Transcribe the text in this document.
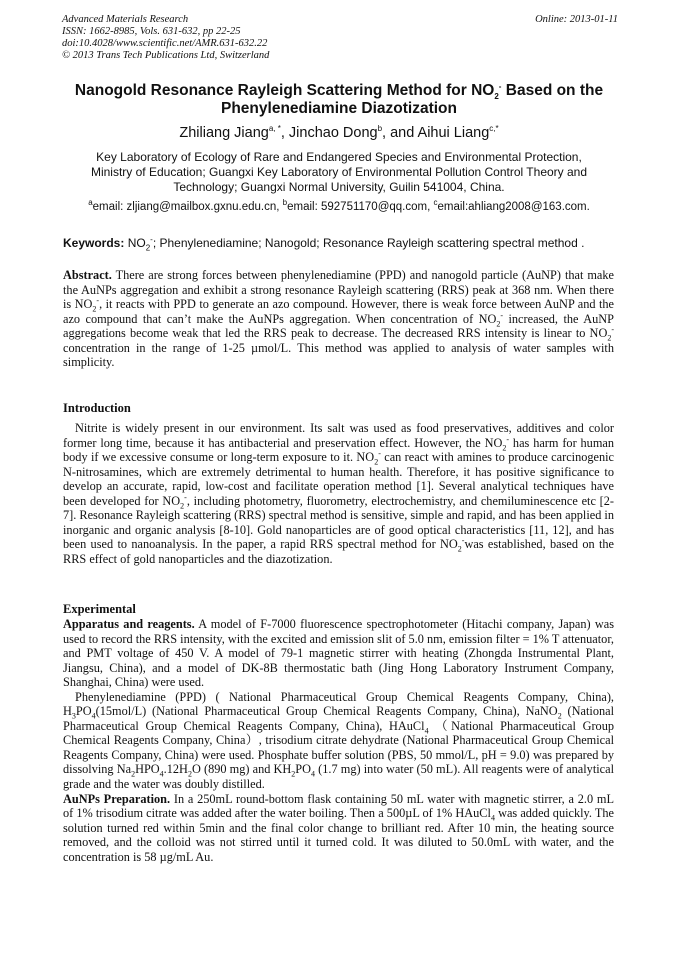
Advanced Materials Research
ISSN: 1662-8985, Vols. 631-632, pp 22-25
doi:10.4028/www.scientific.net/AMR.631-632.22
© 2013 Trans Tech Publications Ltd, Switzerland
Online: 2013-01-11
Nanogold Resonance Rayleigh Scattering Method for $NO_2^-$ Based on the
Phenylenediamine Diazotization
Zhiliang Jiang$^{a, *}$, Jinchao Dong$^b$, and Aihui Liang$^{c,*}$
Key Laboratory of Ecology of Rare and Endangered Species and Environmental Protection,
Ministry of Education; Guangxi Key Laboratory of Environmental Pollution Control Theory and
Technology; Guangxi Normal University, Guilin 541004, China.
$^a$email: zljiang@mailbox.gxnu.edu.cn, $^b$email: 592751170@qq.com, $^c$email:ahliang2008@163.com.
Keywords: $NO_2^-$; Phenylenediamine; Nanogold; Resonance Rayleigh scattering spectral method .

Abstract. There are strong forces between phenylenediamine (PPD) and nanogold particle (AuNP) that make the AuNPs aggregation and exhibit a strong resonance Rayleigh scattering (RRS) peak at 368 nm. When there is $NO_2^-$, it reacts with PPD to generate an azo compound. However, there is weak force between AuNP and the azo compound that can’t make the AuNPs aggregation. When concentration of $NO_2^-$ increased, the AuNP aggregations become weak that led the RRS peak to decrease. The decreased RRS intensity is linear to $NO_2^-concentration$ in the range of 1-25 µmol/L. This method was applied to analysis of water samples with simplicity.

Introduction

Nitrite is widely present in our environment. Its salt was used as food preservatives, additives and color former long time, because it has antibacterial and preservation effect. However, the $NO_2^-$ has harm for human body if we excessive consume or long-term exposure to it. $NO_2^-$ can react with amines to produce carcinogenic N-nitrosamines, which are extremely detrimental to human health. Therefore, it has positive significance to develop an accurate, rapid, low-cost and facilitate operation method [1]. Several analytical techniques have been developed for $NO_2^-$, including photometry, fluorometry, electrochemistry, and chemiluminescence etc [2-7]. Resonance Rayleigh scattering (RRS) spectral method is sensitive, simple and rapid, and has been applied in inorganic and organic analysis [8-10]. Gold nanoparticles are of good optical characteristics [11, 12], and has been used to nanoanalysis. In the paper, a rapid RRS spectral method for $NO_2^-was$ established, based on the RRS effect of gold nanoparticles and the diazotization.

Experimental

Apparatus and reagents. A model of F-7000 fluorescence spectrophotometer (Hitachi company, Japan) was used to record the RRS intensity, with the excited and emission slit of 5.0 nm, emission filter = 1% T attenuator, and PMT voltage of 450 V. A model of 79-1 magnetic stirrer with heating (Zhongda Instrumental Plant, Jiangsu, China), and a model of DK-8B thermostatic bath (Jing Hong Laboratory Instrument Company, Shanghai, China) were used.

Phenylenediamine (PPD) ( National Pharmaceutical Group Chemical Reagents Company, China), $H_3PO_4(15mol/L)$ (National Pharmaceutical Group Chemical Reagents Company, China), NaNO$_2$ (National Pharmaceutical Group Chemical Reagents Company, China), HAuCl$_4$ （National Pharmaceutical Group Chemical Reagents Company, China）, trisodium citrate dehydrate (National Pharmaceutical Group Chemical Reagents Company, China) were used. Phosphate buffer solution (PBS, 50 mmol/L, pH = 9.0) was prepared by dissolving $Na_2HPO_4.12H_2O$ (890 mg) and $KH_2PO_4$ (1.7 mg) into water (50 mL). All reagents were of analytical grade and the water was doubly distilled.

AuNPs Preparation. In a 250mL round-bottom flask containing 50 mL water with magnetic stirrer, a 2.0 mL of 1% trisodium citrate was added after the water boiling. Then a 500µL of 1% HAuCl$_4$ was added quickly. The solution turned red within 5min and the final color change to brilliant red. After 10 min, the heating source removed, and the colloid was not stirred until it turned cold. It was diluted to 50.0mL with water, and the concentration is 58 µg/mL Au.
